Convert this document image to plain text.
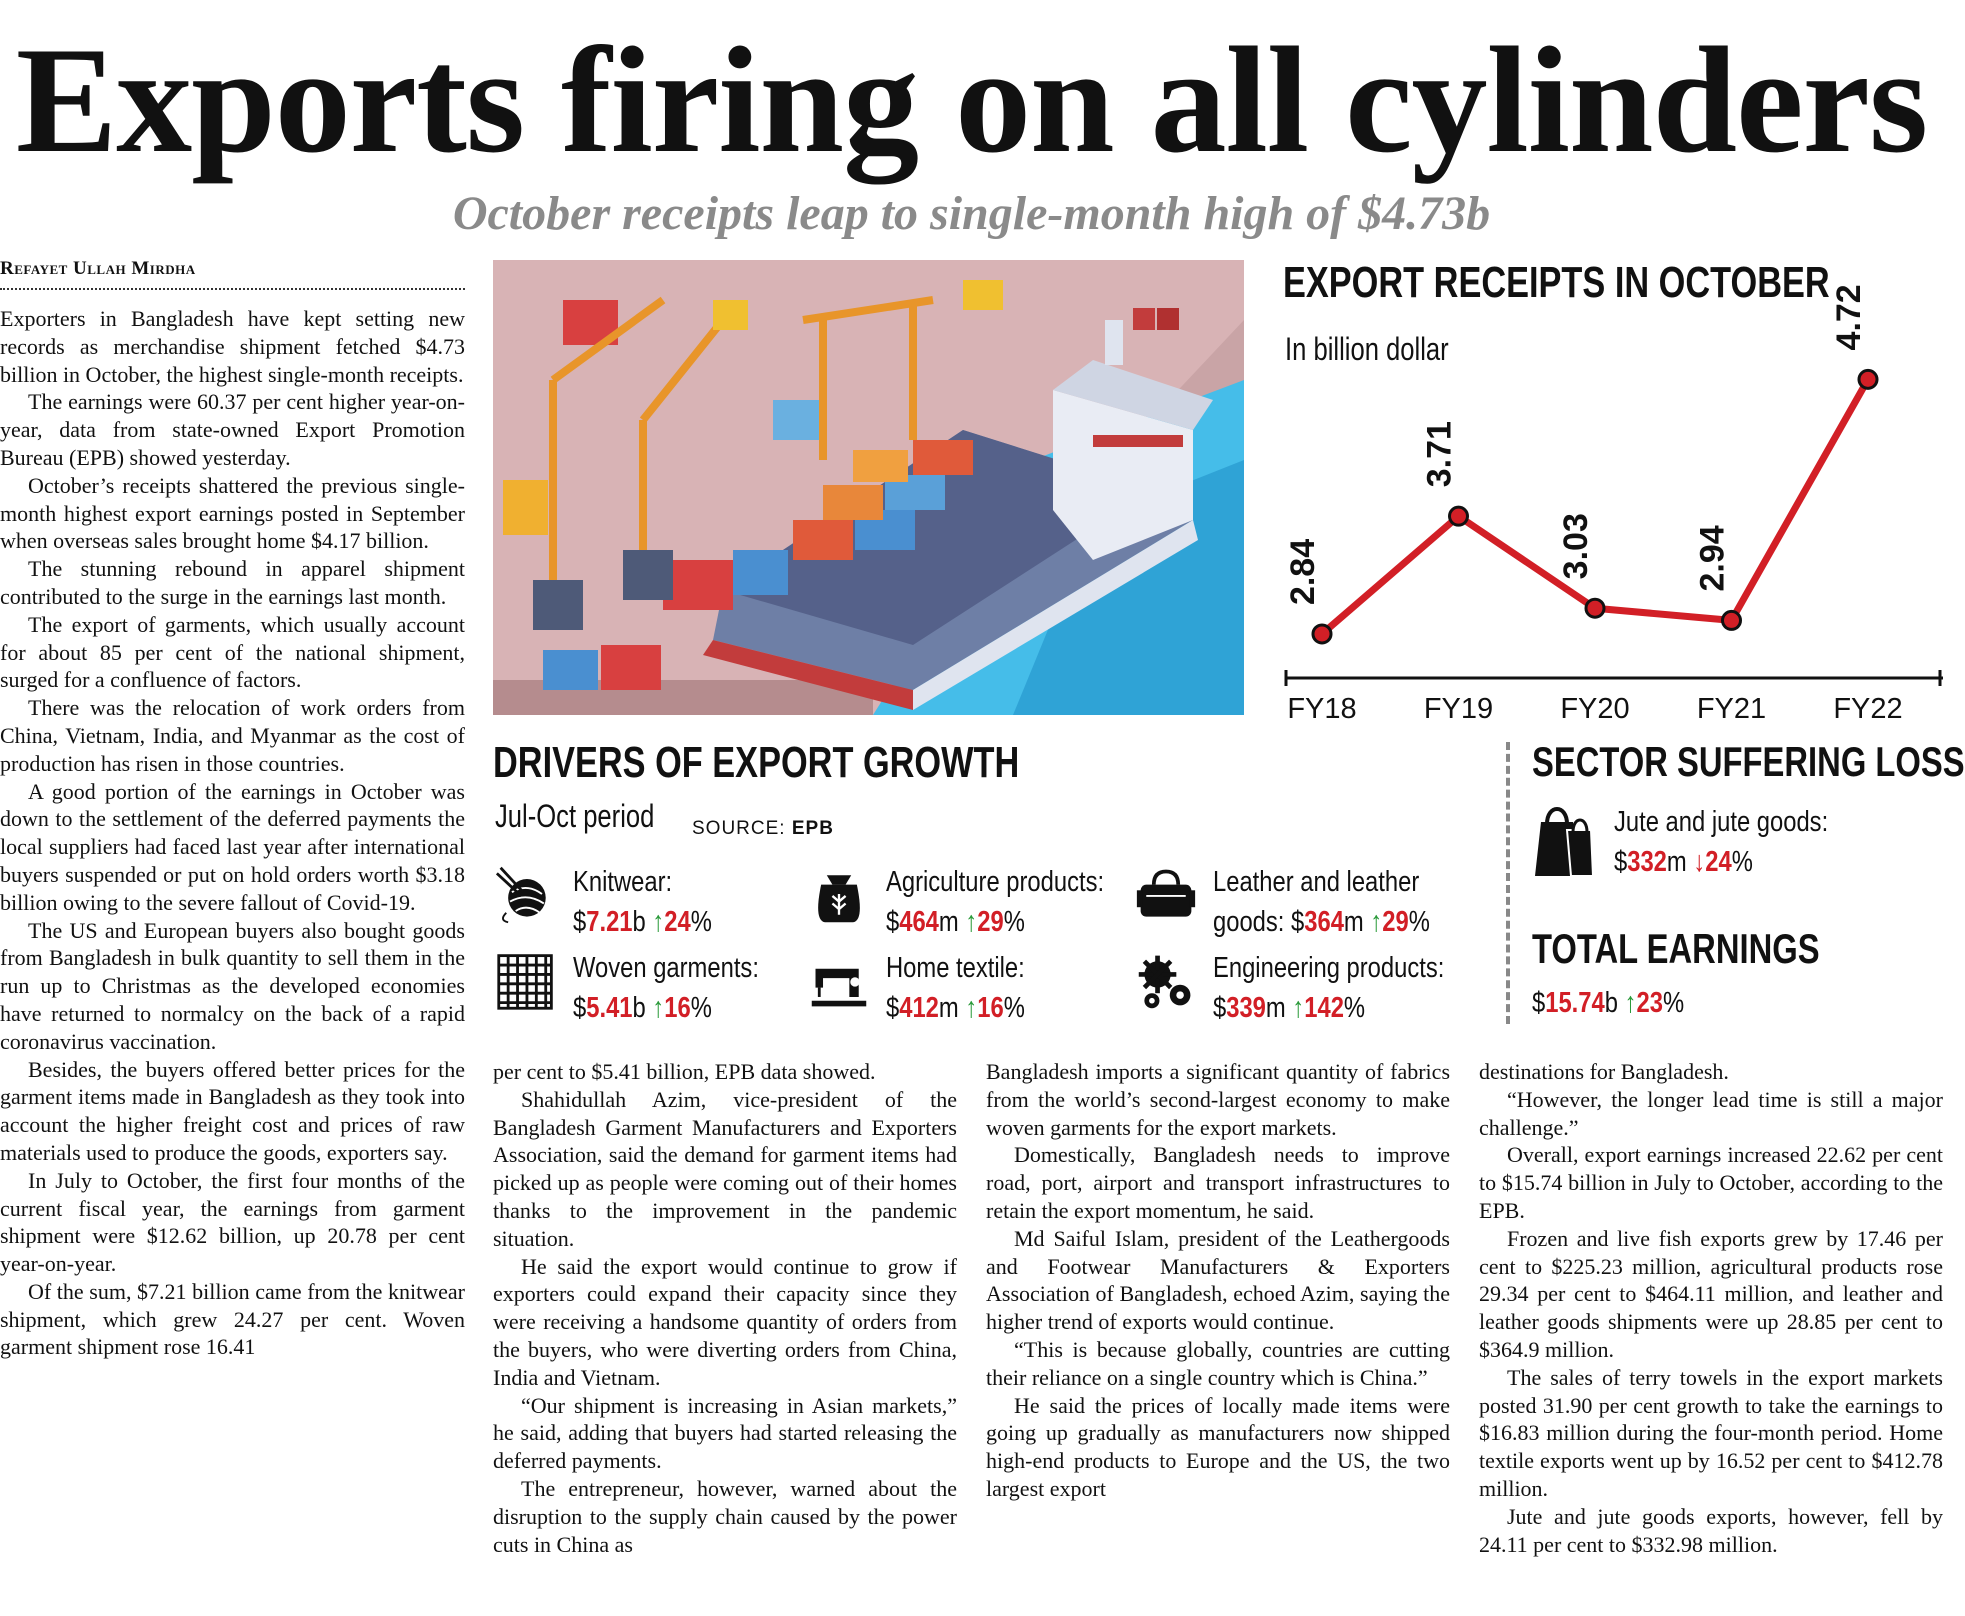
Exports firing on all cylinders
October receipts leap to single-month high of $4.73b
Refayet Ullah Mirdha

Exporters in Bangladesh have kept setting new records as merchandise shipment fetched $4.73 billion in October, the highest single-month receipts.

The earnings were 60.37 per cent higher year-on-year, data from state-owned Export Promotion Bureau (EPB) showed yesterday.

October’s receipts shattered the previous single-month highest export earnings posted in September when overseas sales brought home $4.17 billion.

The stunning rebound in apparel shipment contributed to the surge in the earnings last month.

The export of garments, which usually account for about 85 per cent of the national shipment, surged for a confluence of factors.

There was the relocation of work orders from China, Vietnam, India, and Myanmar as the cost of production has risen in those countries.

A good portion of the earnings in October was down to the settlement of the deferred payments the local suppliers had faced last year after international buyers suspended or put on hold orders worth $3.18 billion owing to the severe fallout of Covid-19.

The US and European buyers also bought goods from Bangladesh in bulk quantity to sell them in the run up to Christmas as the developed economies have returned to normalcy on the back of a rapid coronavirus vaccination.

Besides, the buyers offered better prices for the garment items made in Bangladesh as they took into account the higher freight cost and prices of raw materials used to produce the goods, exporters say.

In July to October, the first four months of the current fiscal year, the earnings from garment shipment were $12.62 billion, up 20.78 per cent year-on-year.

Of the sum, $7.21 billion came from the knitwear shipment, which grew 24.27 per cent. Woven garment shipment rose 16.41

per cent to $5.41 billion, EPB data showed.

Shahidullah Azim, vice-president of the Bangladesh Garment Manufacturers and Exporters Association, said the demand for garment items had picked up as people were coming out of their homes thanks to the improvement in the pandemic situation.

He said the export would continue to grow if exporters could expand their capacity since they were receiving a handsome quantity of orders from the buyers, who were diverting orders from China, India and Vietnam.

“Our shipment is increasing in Asian markets,” he said, adding that buyers had started releasing the deferred payments.

The entrepreneur, however, warned about the disruption to the supply chain caused by the power cuts in China as

Bangladesh imports a significant quantity of fabrics from the world’s second-largest economy to make woven garments for the export markets.

Domestically, Bangladesh needs to improve road, port, airport and transport infrastructures to retain the export momentum, he said.

Md Saiful Islam, president of the Leathergoods and Footwear Manufacturers & Exporters Association of Bangladesh, echoed Azim, saying the higher trend of exports would continue.

“This is because globally, countries are cutting their reliance on a single country which is China.”

He said the prices of locally made items were going up gradually as manufacturers now shipped high-end products to Europe and the US, the two largest export

destinations for Bangladesh.

“However, the longer lead time is still a major challenge.”

Overall, export earnings increased 22.62 per cent to $15.74 billion in July to October, according to the EPB.

Frozen and live fish exports grew by 17.46 per cent to $225.23 million, agricultural products rose 29.34 per cent to $464.11 million, and leather and leather goods shipments were up 28.85 per cent to $364.9 million.

The sales of terry towels in the export markets posted 31.90 per cent growth to take the earnings to $16.83 million during the four-month period. Home textile exports went up by 16.52 per cent to $412.78 million.

Jute and jute goods exports, however, fell by 24.11 per cent to $332.98 million.

EXPORT RECEIPTS IN OCTOBER
In billion dollar
2.84
FY18
3.71
FY19
3.03
FY20
2.94
FY21
4.72
FY22
DRIVERS OF EXPORT GROWTH
Jul-Oct period SOURCE: EPB
Knitwear:
$7.21b ↑24%
Agriculture products:
$464m ↑29%
Leather and leather
goods: $364m ↑29%
Woven garments:
$5.41b ↑16%
Home textile:
$412m ↑16%
Engineering products:
$339m ↑142%
SECTOR SUFFERING LOSS
Jute and jute goods:
$332m ↓24%
TOTAL EARNINGS
$15.74b ↑23%
